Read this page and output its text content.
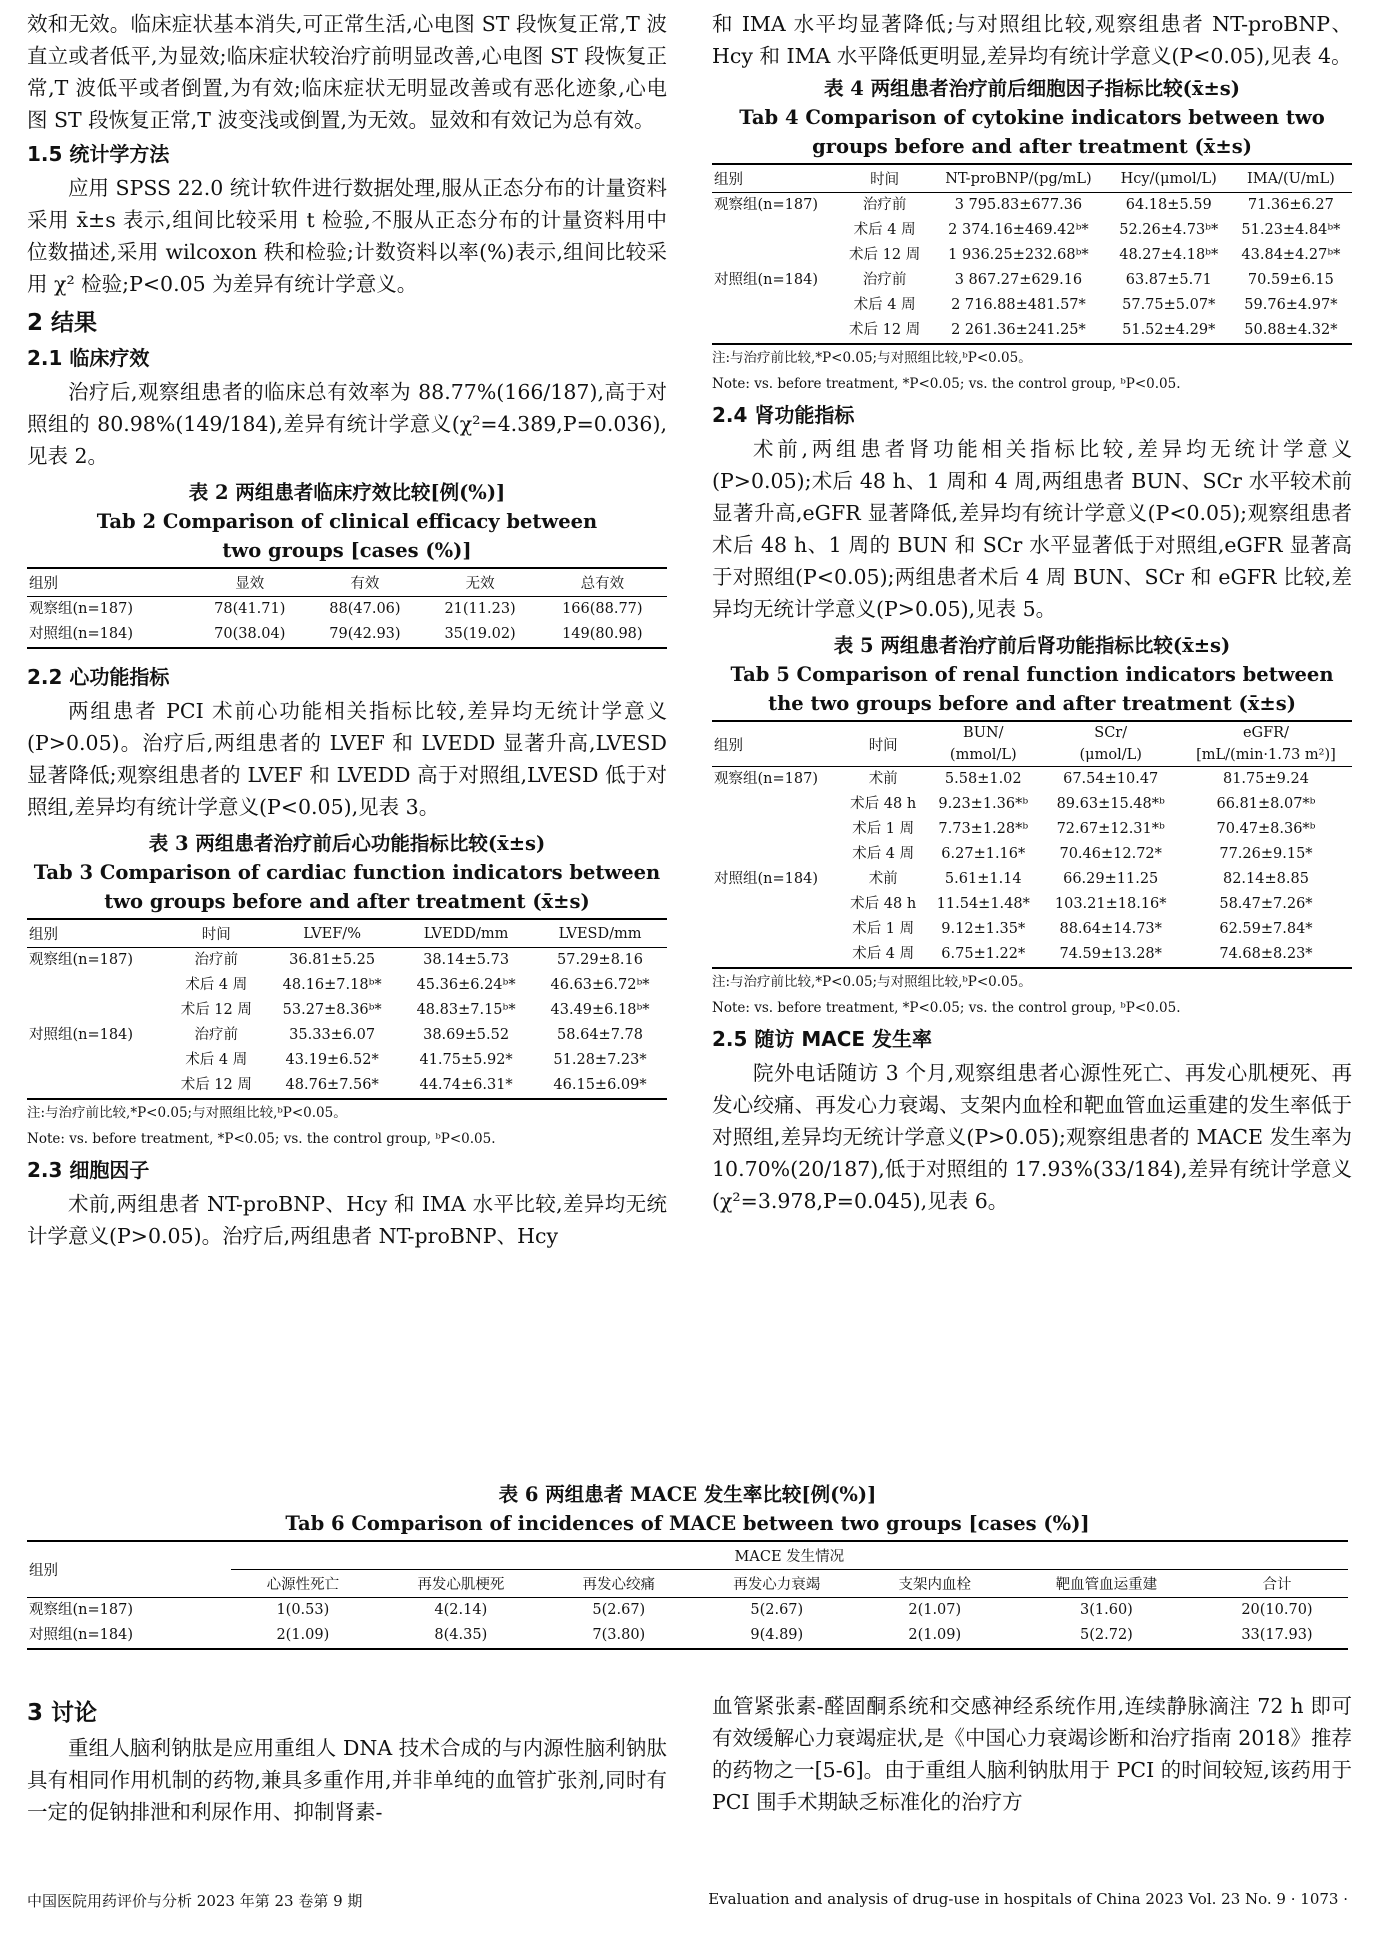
效和无效。临床症状基本消失,可正常生活,心电图 ST 段恢复正常,T 波直立或者低平,为显效;临床症状较治疗前明显改善,心电图 ST 段恢复正常,T 波低平或者倒置,为有效;临床症状无明显改善或有恶化迹象,心电图 ST 段恢复正常,T 波变浅或倒置,为无效。显效和有效记为总有效。

1.5 统计学方法

应用 SPSS 22.0 统计软件进行数据处理,服从正态分布的计量资料采用 x̄±s 表示,组间比较采用 t 检验,不服从正态分布的计量资料用中位数描述,采用 wilcoxon 秩和检验;计数资料以率(%)表示,组间比较采用 χ² 检验;P<0.05 为差异有统计学意义。

2 结果
2.1 临床疗效

治疗后,观察组患者的临床总有效率为 88.77%(166/187),高于对照组的 80.98%(149/184),差异有统计学意义(χ²=4.389,P=0.036),见表 2。

表 2 两组患者临床疗效比较[例(%)]

Tab 2 Comparison of clinical efficacy between

two groups [cases (%)]

组别	显效	有效	无效	总有效
观察组(n=187)	78(41.71)	88(47.06)	21(11.23)	166(88.77)
对照组(n=184)	70(38.04)	79(42.93)	35(19.02)	149(80.98)
2.2 心功能指标

两组患者 PCI 术前心功能相关指标比较,差异均无统计学意义(P>0.05)。治疗后,两组患者的 LVEF 和 LVEDD 显著升高,LVESD 显著降低;观察组患者的 LVEF 和 LVEDD 高于对照组,LVESD 低于对照组,差异均有统计学意义(P<0.05),见表 3。

表 3 两组患者治疗前后心功能指标比较(x̄±s)

Tab 3 Comparison of cardiac function indicators between

two groups before and after treatment (x̄±s)

组别	时间	LVEF/%	LVEDD/mm	LVESD/mm
观察组(n=187)	治疗前	36.81±5.25	38.14±5.73	57.29±8.16
	术后 4 周	48.16±7.18ᵇ*	45.36±6.24ᵇ*	46.63±6.72ᵇ*
	术后 12 周	53.27±8.36ᵇ*	48.83±7.15ᵇ*	43.49±6.18ᵇ*
对照组(n=184)	治疗前	35.33±6.07	38.69±5.52	58.64±7.78
	术后 4 周	43.19±6.52*	41.75±5.92*	51.28±7.23*
	术后 12 周	48.76±7.56*	44.74±6.31*	46.15±6.09*

注:与治疗前比较,*P<0.05;与对照组比较,ᵇP<0.05。

Note: vs. before treatment, *P<0.05; vs. the control group, ᵇP<0.05.

2.3 细胞因子

术前,两组患者 NT-proBNP、Hcy 和 IMA 水平比较,差异均无统计学意义(P>0.05)。治疗后,两组患者 NT-proBNP、Hcy

和 IMA 水平均显著降低;与对照组比较,观察组患者 NT-proBNP、Hcy 和 IMA 水平降低更明显,差异均有统计学意义(P<0.05),见表 4。

表 4 两组患者治疗前后细胞因子指标比较(x̄±s)

Tab 4 Comparison of cytokine indicators between two

groups before and after treatment (x̄±s)

组别	时间	NT-proBNP/(pg/mL)	Hcy/(μmol/L)	IMA/(U/mL)
观察组(n=187)	治疗前	3 795.83±677.36	64.18±5.59	71.36±6.27
	术后 4 周	2 374.16±469.42ᵇ*	52.26±4.73ᵇ*	51.23±4.84ᵇ*
	术后 12 周	1 936.25±232.68ᵇ*	48.27±4.18ᵇ*	43.84±4.27ᵇ*
对照组(n=184)	治疗前	3 867.27±629.16	63.87±5.71	70.59±6.15
	术后 4 周	2 716.88±481.57*	57.75±5.07*	59.76±4.97*
	术后 12 周	2 261.36±241.25*	51.52±4.29*	50.88±4.32*

注:与治疗前比较,*P<0.05;与对照组比较,ᵇP<0.05。

Note: vs. before treatment, *P<0.05; vs. the control group, ᵇP<0.05.

2.4 肾功能指标

术前,两组患者肾功能相关指标比较,差异均无统计学意义(P>0.05);术后 48 h、1 周和 4 周,两组患者 BUN、SCr 水平较术前显著升高,eGFR 显著降低,差异均有统计学意义(P<0.05);观察组患者术后 48 h、1 周的 BUN 和 SCr 水平显著低于对照组,eGFR 显著高于对照组(P<0.05);两组患者术后 4 周 BUN、SCr 和 eGFR 比较,差异均无统计学意义(P>0.05),见表 5。

表 5 两组患者治疗前后肾功能指标比较(x̄±s)

Tab 5 Comparison of renal function indicators between

the two groups before and after treatment (x̄±s)

组别	时间	BUN/	SCr/	eGFR/
		(mmol/L)	(μmol/L)	[mL/(min·1.73 m²)]
观察组(n=187)	术前	5.58±1.02	67.54±10.47	81.75±9.24
	术后 48 h	9.23±1.36*ᵇ	89.63±15.48*ᵇ	66.81±8.07*ᵇ
	术后 1 周	7.73±1.28*ᵇ	72.67±12.31*ᵇ	70.47±8.36*ᵇ
	术后 4 周	6.27±1.16*	70.46±12.72*	77.26±9.15*
对照组(n=184)	术前	5.61±1.14	66.29±11.25	82.14±8.85
	术后 48 h	11.54±1.48*	103.21±18.16*	58.47±7.26*
	术后 1 周	9.12±1.35*	88.64±14.73*	62.59±7.84*
	术后 4 周	6.75±1.22*	74.59±13.28*	74.68±8.23*

注:与治疗前比较,*P<0.05;与对照组比较,ᵇP<0.05。

Note: vs. before treatment, *P<0.05; vs. the control group, ᵇP<0.05.

2.5 随访 MACE 发生率

院外电话随访 3 个月,观察组患者心源性死亡、再发心肌梗死、再发心绞痛、再发心力衰竭、支架内血栓和靶血管血运重建的发生率低于对照组,差异均无统计学意义(P>0.05);观察组患者的 MACE 发生率为 10.70%(20/187),低于对照组的 17.93%(33/184),差异有统计学意义(χ²=3.978,P=0.045),见表 6。

表 6 两组患者 MACE 发生率比较[例(%)]

Tab 6 Comparison of incidences of MACE between two groups [cases (%)]

组别	MACE 发生情况						
	心源性死亡	再发心肌梗死	再发心绞痛	再发心力衰竭	支架内血栓	靶血管血运重建	合计
观察组(n=187)	1(0.53)	4(2.14)	5(2.67)	5(2.67)	2(1.07)	3(1.60)	20(10.70)
对照组(n=184)	2(1.09)	8(4.35)	7(3.80)	9(4.89)	2(1.09)	5(2.72)	33(17.93)
3 讨论

重组人脑利钠肽是应用重组人 DNA 技术合成的与内源性脑利钠肽具有相同作用机制的药物,兼具多重作用,并非单纯的血管扩张剂,同时有一定的促钠排泄和利尿作用、抑制肾素-

血管紧张素-醛固酮系统和交感神经系统作用,连续静脉滴注 72 h 即可有效缓解心力衰竭症状,是《中国心力衰竭诊断和治疗指南 2018》推荐的药物之一[5-6]。由于重组人脑利钠肽用于 PCI 的时间较短,该药用于 PCI 围手术期缺乏标准化的治疗方

中国医院用药评价与分析 2023 年第 23 卷第 9 期	Evaluation and analysis of drug-use in hospitals of China 2023 Vol. 23 No. 9 · 1073 ·
